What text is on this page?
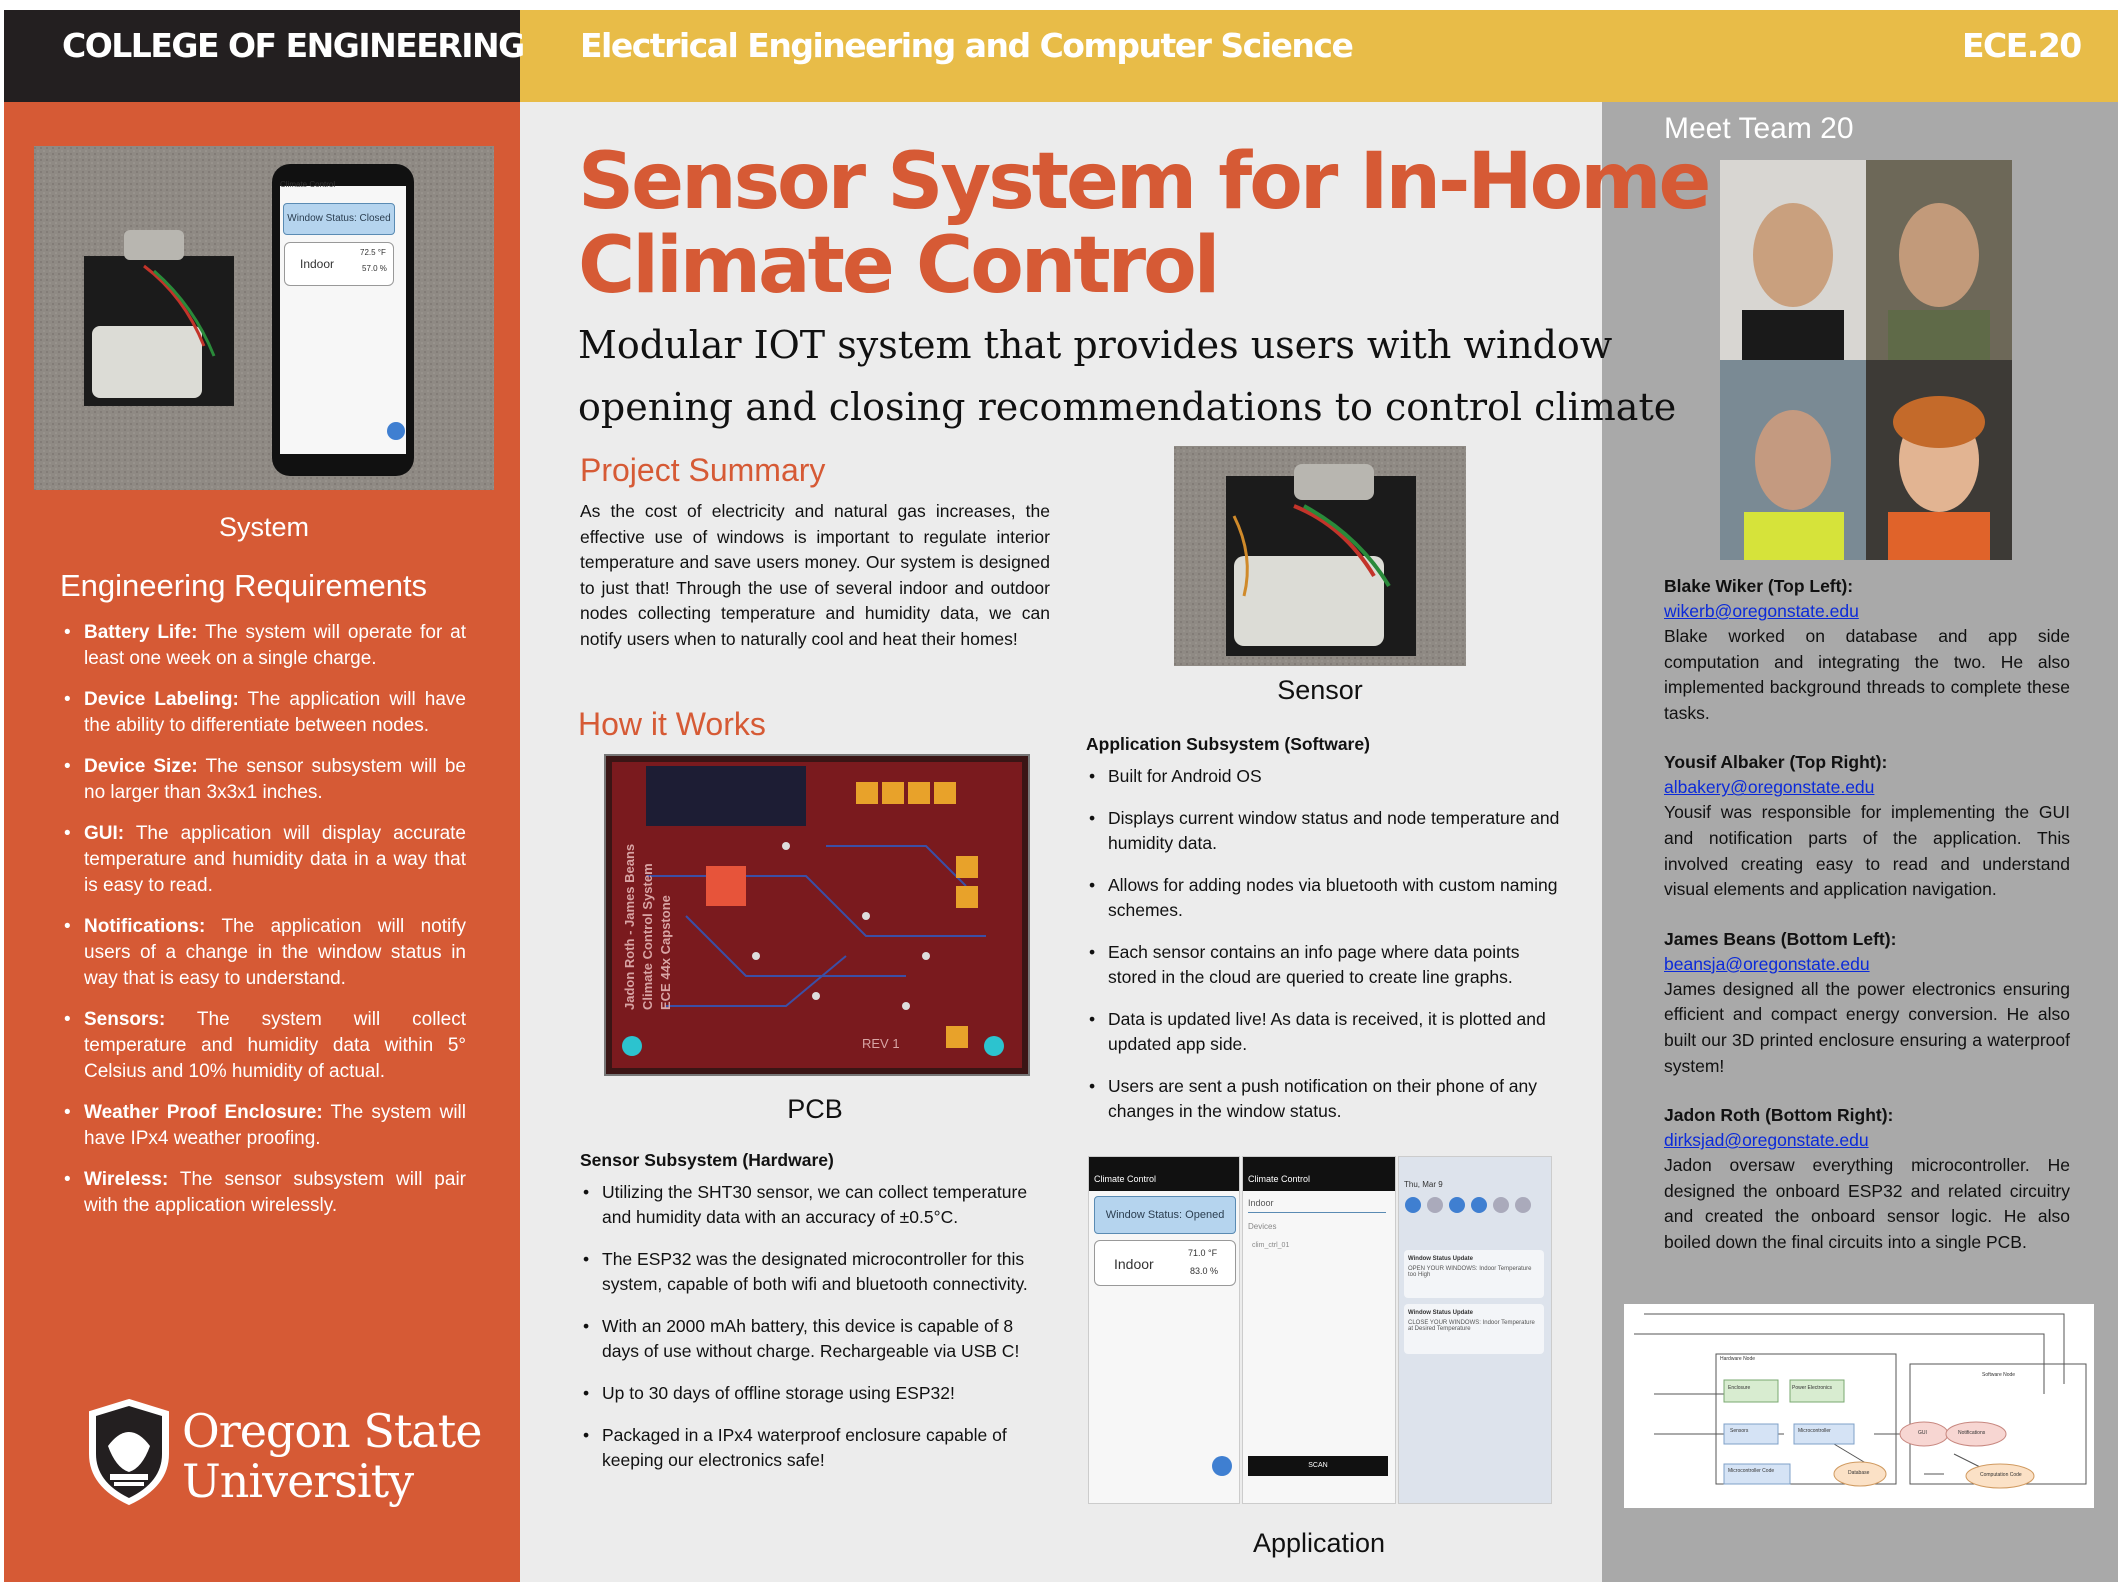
COLLEGE OF ENGINEERING Electrical Engineering and Computer Science	ECE.20
Climate Control
Window Status: Closed
Indoor
72.5 °F
57.0 %
System
Engineering Requirements
• Battery Life: The system will operate for at least one week on a single charge.
• Device Labeling: The application will have the ability to differentiate between nodes.
• Device Size: The sensor subsystem will be no larger than 3x3x1 inches.
• GUI: The application will display accurate temperature and humidity data in a way that is easy to read.
• Notifications: The application will notify users of a change in the window status in way that is easy to understand.
• Sensors: The system will collect temperature and humidity data within 5° Celsius and 10% humidity of actual.
• Weather Proof Enclosure: The system will have IPx4 weather proofing.
• Wireless: The sensor subsystem will pair with the application wirelessly.
Oregon State
University
Sensor System for In-Home
Climate Control
Modular IOT system that provides users with window
opening and closing recommendations to control climate
Project Summary
As the cost of electricity and natural gas increases, the effective use of windows is important to regulate interior temperature and save users money. Our system is designed to just that! Through the use of several indoor and outdoor nodes collecting temperature and humidity data, we can notify users when to naturally cool and heat their homes!
Sensor
How it Works
Jadon Roth - James Beans Climate Control System ECE 44x Capstone
REV 1
PCB
Sensor Subsystem (Hardware)
• Utilizing the SHT30 sensor, we can collect temperature and humidity data with an accuracy of ±0.5°C.
• The ESP32 was the designated microcontroller for this system, capable of both wifi and bluetooth connectivity.
• With an 2000 mAh battery, this device is capable of 8 days of use without charge. Rechargeable via USB C!
• Up to 30 days of offline storage using ESP32!
• Packaged in a IPx4 waterproof enclosure capable of keeping our electronics safe!
Application Subsystem (Software)
• Built for Android OS
• Displays current window status and node temperature and humidity data.
• Allows for adding nodes via bluetooth with custom naming schemes.
• Each sensor contains an info page where data points stored in the cloud are queried to create line graphs.
• Data is updated live! As data is received, it is plotted and updated app side.
• Users are sent a push notification on their phone of any changes in the window status.
Climate Control
Window Status: Opened
Indoor
71.0 °F
83.0 %
Climate Control
Indoor
Devices
clim_ctrl_01
SCAN
Thu, Mar 9
Window Status Update
OPEN YOUR WINDOWS: Indoor Temperature too High
Window Status Update
CLOSE YOUR WINDOWS: Indoor Temperature at Desired Temperature
Application
Meet Team 20
Blake Wiker (Top Left):
wikerb@oregonstate.edu
Blake worked on database and app side computation and integrating the two. He also implemented background threads to complete these tasks.
Yousif Albaker (Top Right):
albakery@oregonstate.edu
Yousif was responsible for implementing the GUI and notification parts of the application. This involved creating easy to read and understand visual elements and application navigation.
James Beans (Bottom Left):
beansja@oregonstate.edu
James designed all the power electronics ensuring efficient and compact energy conversion. He also built our 3D printed enclosure ensuring a waterproof system!
Jadon Roth (Bottom Right):
dirksjad@oregonstate.edu
Jadon oversaw everything microcontroller. He designed the onboard ESP32 and related circuitry and created the onboard sensor logic. He also boiled down the final circuits into a single PCB.
Hardware Node
Software Node
Enclosure	Power Electronics
Sensors	Microcontroller
Microcontroller Code	Database
GUI	Notifications
Computation Code
